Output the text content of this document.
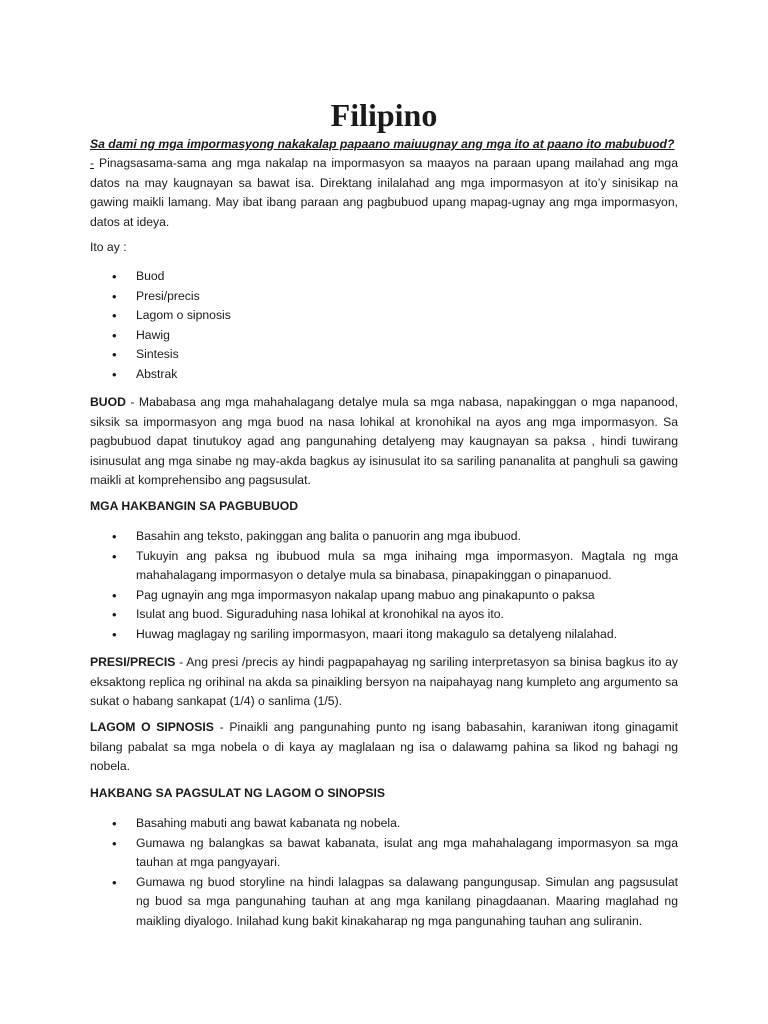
Filipino

Sa dami ng mga impormasyong nakakalap papaano maiuugnay ang mga ito at paano ito mabubuod?

- Pinagsasama-sama ang mga nakalap na impormasyon sa maayos na paraan upang mailahad ang mga datos na may kaugnayan sa bawat isa. Direktang inilalahad ang mga impormasyon at ito’y sinisikap na gawing maikli lamang. May ibat ibang paraan ang pagbubuod upang mapag-ugnay ang mga impormasyon, datos at ideya.

Ito ay :

• Buod
• Presi/precis
• Lagom o sipnosis
• Hawig
• Sintesis
• Abstrak

BUOD - Mababasa ang mga mahahalagang detalye mula sa mga nabasa, napakinggan o mga napanood, siksik sa impormasyon ang mga buod na nasa lohikal at kronohikal na ayos ang mga impormasyon. Sa pagbubuod dapat tinutukoy agad ang pangunahing detalyeng may kaugnayan sa paksa , hindi tuwirang isinusulat ang mga sinabe ng may-akda bagkus ay isinusulat ito sa sariling pananalita at panghuli sa gawing maikli at komprehensibo ang pagsusulat.

MGA HAKBANGIN SA PAGBUBUOD

• Basahin ang teksto, pakinggan ang balita o panuorin ang mga ibubuod.
• Tukuyin ang paksa ng ibubuod mula sa mga inihaing mga impormasyon. Magtala ng mga mahahalagang impormasyon o detalye mula sa binabasa, pinapakinggan o pinapanuod.
• Pag ugnayin ang mga impormasyon nakalap upang mabuo ang pinakapunto o paksa
• Isulat ang buod. Siguraduhing nasa lohikal at kronohikal na ayos ito.
• Huwag maglagay ng sariling impormasyon, maari itong makagulo sa detalyeng nilalahad.

PRESI/PRECIS - Ang presi /precis ay hindi pagpapahayag ng sariling interpretasyon sa binisa bagkus ito ay eksaktong replica ng orihinal na akda sa pinaikling bersyon na naipahayag nang kumpleto ang argumento sa sukat o habang sankapat (1/4) o sanlima (1/5).

LAGOM O SIPNOSIS - Pinaikli ang pangunahing punto ng isang babasahin, karaniwan itong ginagamit bilang pabalat sa mga nobela o di kaya ay maglalaan ng isa o dalawamg pahina sa likod ng bahagi ng nobela.

HAKBANG SA PAGSULAT NG LAGOM O SINOPSIS

• Basahing mabuti ang bawat kabanata ng nobela.
• Gumawa ng balangkas sa bawat kabanata, isulat ang mga mahahalagang impormasyon sa mga tauhan at mga pangyayari.
• Gumawa ng buod storyline na hindi lalagpas sa dalawang pangungusap. Simulan ang pagsusulat ng buod sa mga pangunahing tauhan at ang mga kanilang pinagdaanan. Maaring maglahad ng maikling diyalogo. Inilahad kung bakit kinakaharap ng mga pangunahing tauhan ang suliranin.
